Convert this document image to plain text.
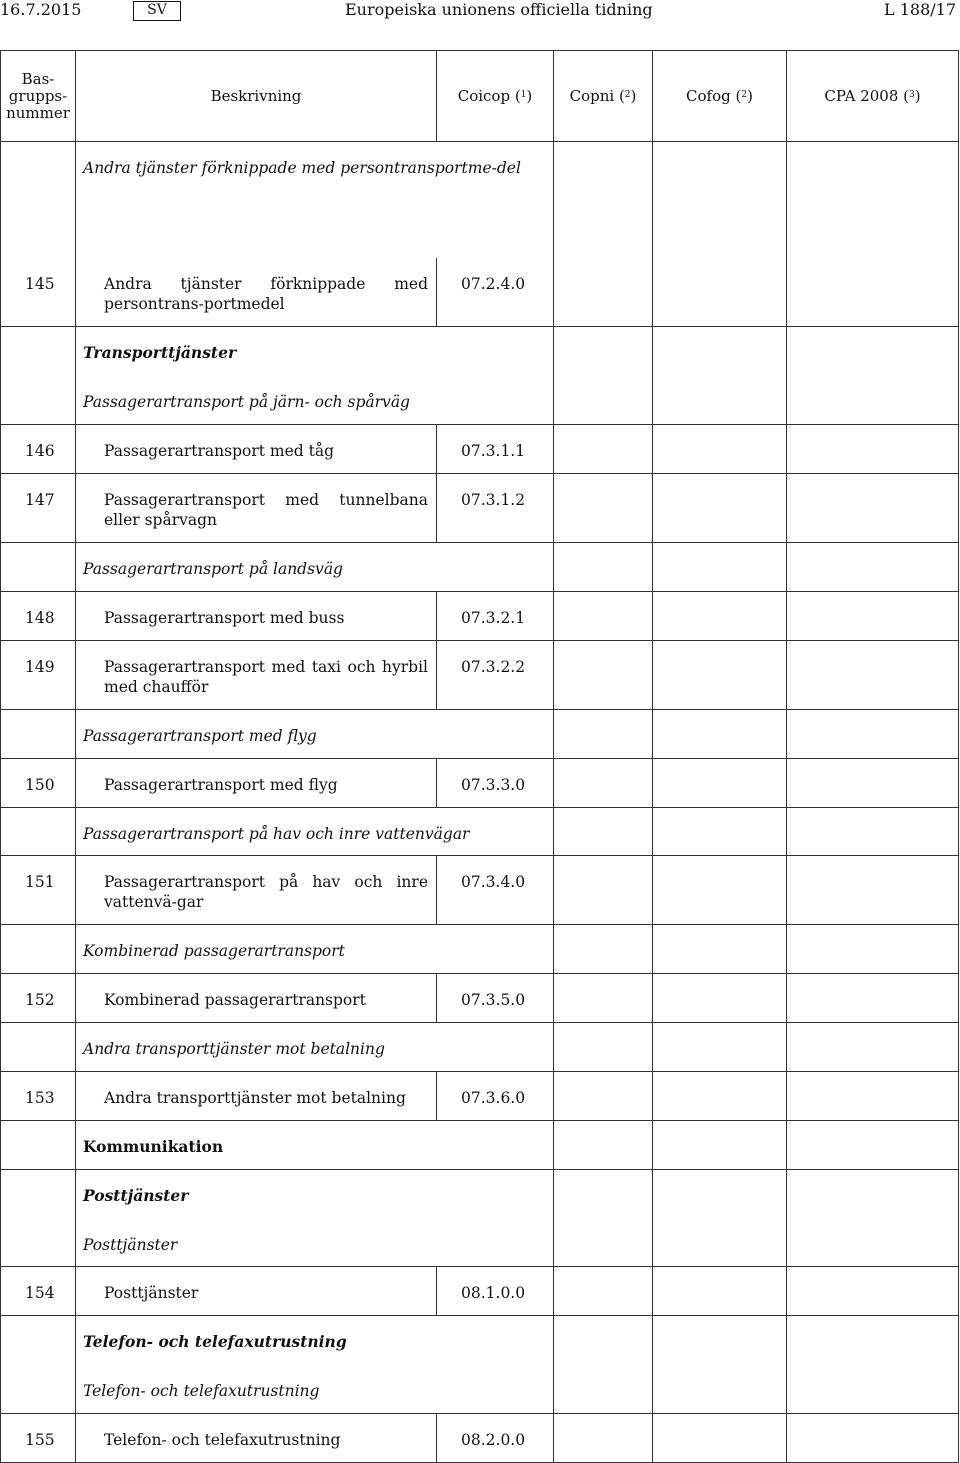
16.7.2015	SV	Europeiska unionens officiella tidning	L 188/17
Bas-
grupps-
nummer	Beskrivning	Coicop ($^1$)	Copni ($^2$)	Cofog ($^2$)	CPA 2008 ($^3$)
	Andra tjänster förknippade med persontransportme-del				
145	Andra tjänster förknippade med persontrans-portmedel	07.2.4.0			
	Transporttjänster				
	Passagerartransport på järn- och spårväg				
146	Passagerartransport med tåg	07.3.1.1			
147	Passagerartransport med tunnelbana eller spårvagn	07.3.1.2			
	Passagerartransport på landsväg				
148	Passagerartransport med buss	07.3.2.1			
149	Passagerartransport med taxi och hyrbil med chaufför	07.3.2.2			
	Passagerartransport med flyg				
150	Passagerartransport med flyg	07.3.3.0			
	Passagerartransport på hav och inre vattenvägar				
151	Passagerartransport på hav och inre vattenvä-gar	07.3.4.0			
	Kombinerad passagerartransport				
152	Kombinerad passagerartransport	07.3.5.0			
	Andra transporttjänster mot betalning				
153	Andra transporttjänster mot betalning	07.3.6.0			
	Kommunikation				
	Posttjänster				
	Posttjänster				
154	Posttjänster	08.1.0.0			
	Telefon- och telefaxutrustning				
	Telefon- och telefaxutrustning				
155	Telefon- och telefaxutrustning	08.2.0.0			
